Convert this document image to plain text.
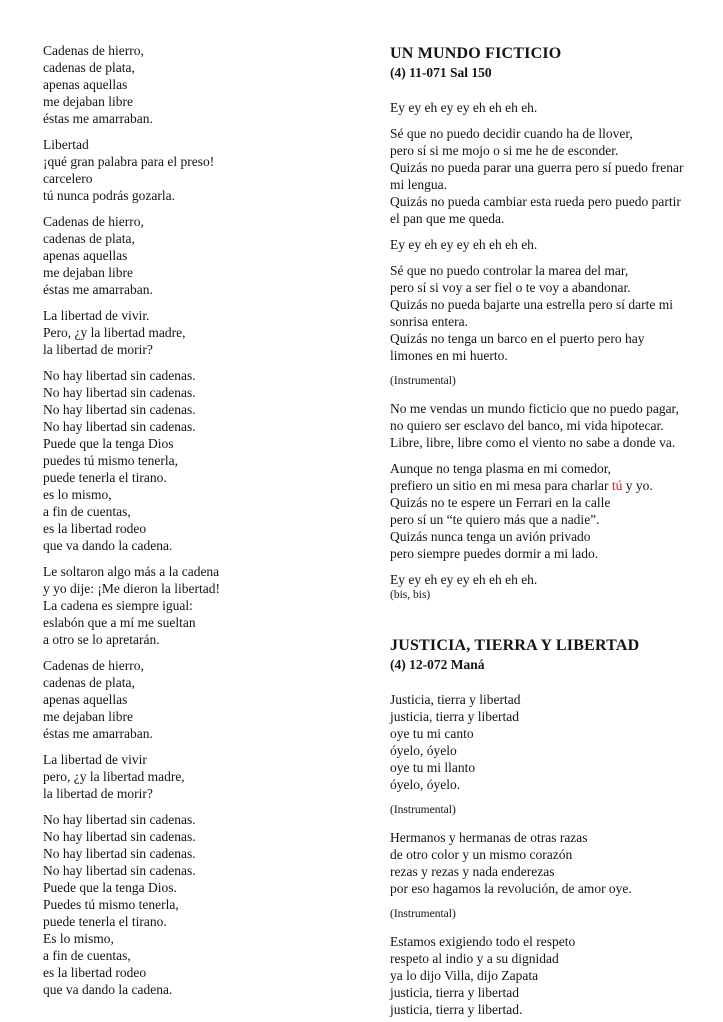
Cadenas de hierro,

cadenas de plata,

apenas aquellas

me dejaban libre

éstas me amarraban.

Libertad

¡qué gran palabra para el preso!

carcelero

tú nunca podrás gozarla.

Cadenas de hierro,

cadenas de plata,

apenas aquellas

me dejaban libre

éstas me amarraban.

La libertad de vivir.

Pero, ¿y la libertad madre,

la libertad de morir?

No hay libertad sin cadenas.

No hay libertad sin cadenas.

No hay libertad sin cadenas.

No hay libertad sin cadenas.

Puede que la tenga Dios

puedes tú mismo tenerla,

puede tenerla el tirano.

es lo mismo,

a fin de cuentas,

es la libertad rodeo

que va dando la cadena.

Le soltaron algo más a la cadena

y yo dije: ¡Me dieron la libertad!

La cadena es siempre igual:

eslabón que a mí me sueltan

a otro se lo apretarán.

Cadenas de hierro,

cadenas de plata,

apenas aquellas

me dejaban libre

éstas me amarraban.

La libertad de vivir

pero, ¿y la libertad madre,

la libertad de morir?

No hay libertad sin cadenas.

No hay libertad sin cadenas.

No hay libertad sin cadenas.

No hay libertad sin cadenas.

Puede que la tenga Dios.

Puedes tú mismo tenerla,

puede tenerla el tirano.

Es lo mismo,

a fin de cuentas,

es la libertad rodeo

que va dando la cadena.

UN MUNDO FICTICIO
(4) 11-071 Sal 150

Ey ey eh ey ey eh eh eh eh.

Sé que no puedo decidir cuando ha de llover,

pero sí si me mojo o si me he de esconder.

Quizás no pueda parar una guerra pero sí puedo frenar

mi lengua.

Quizás no pueda cambiar esta rueda pero puedo partir

el pan que me queda.

Ey ey eh ey ey eh eh eh eh.

Sé que no puedo controlar la marea del mar,

pero sí si voy a ser fiel o te voy a abandonar.

Quizás no pueda bajarte una estrella pero sí darte mi

sonrisa entera.

Quizás no tenga un barco en el puerto pero hay

limones en mi huerto.

(Instrumental)

No me vendas un mundo ficticio que no puedo pagar,

no quiero ser esclavo del banco, mi vida hipotecar.

Libre, libre, libre como el viento no sabe a donde va.

Aunque no tenga plasma en mi comedor,

prefiero un sitio en mi mesa para charlar tú y yo.

Quizás no te espere un Ferrari en la calle

pero sí un “te quiero más que a nadie”.

Quizás nunca tenga un avión privado

pero siempre puedes dormir a mi lado.

Ey ey eh ey ey eh eh eh eh.

(bis, bis)

JUSTICIA, TIERRA Y LIBERTAD
(4) 12-072 Maná

Justicia, tierra y libertad

justicia, tierra y libertad

oye tu mi canto

óyelo, óyelo

oye tu mi llanto

óyelo, óyelo.

(Instrumental)

Hermanos y hermanas de otras razas

de otro color y un mismo corazón

rezas y rezas y nada enderezas

por eso hagamos la revolución, de amor oye.

(Instrumental)

Estamos exigiendo todo el respeto

respeto al indio y a su dignidad

ya lo dijo Villa, dijo Zapata

justicia, tierra y libertad

justicia, tierra y libertad.
